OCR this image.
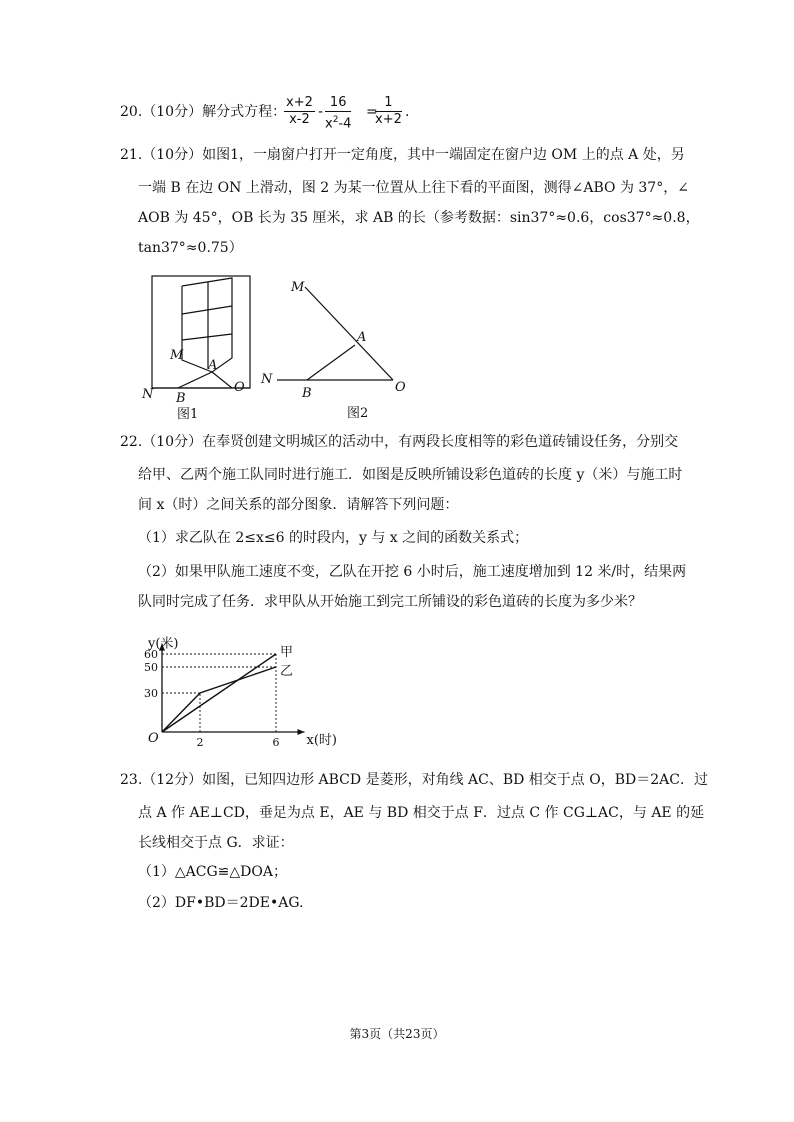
20.（10分）解分式方程：
$\frac{x+2}{x-2} - \frac{16}{x^2-4}$ =
$\frac{1}{x+2}$ .
21.（10分）如图1，一扇窗户打开一定角度，其中一端固定在窗户边 OM 上的点 A 处，另
一端 B 在边 ON 上滑动，图 2 为某一位置从上往下看的平面图，测得∠ABO 为 37°，∠
AOB 为 45°，OB 长为 35 厘米，求 AB 的长（参考数据：sin37°≈0.6，cos37°≈0.8，
tan37°≈0.75）
M
A
N B
O
图1
M
A
N
B	O
图2
22.（10分）在奉贤创建文明城区的活动中，有两段长度相等的彩色道砖铺设任务，分别交
给甲、乙两个施工队同时进行施工．如图是反映所铺设彩色道砖的长度 y（米）与施工时
间 x（时）之间关系的部分图象．请解答下列问题：
（1）求乙队在 2≤x≤6 的时段内，y 与 x 之间的函数关系式；
（2）如果甲队施工速度不变，乙队在开挖 6 小时后，施工速度增加到 12 米/时，结果两
队同时完成了任务．求甲队从开始施工到完工所铺设的彩色道砖的长度为多少米？
x(时)
y(米)
O
30
50
60
2	6
甲
乙
23.（12分）如图，已知四边形 ABCD 是菱形，对角线 AC、BD 相交于点 O，BD＝2AC．过
点 A 作 AE⊥CD，垂足为点 E，AE 与 BD 相交于点 F．过点 C 作 CG⊥AC，与 AE 的延
长线相交于点 G．求证：
（1）△ACG≌△DOA；
（2）DF•BD＝2DE•AG.
第3页（共23页）
